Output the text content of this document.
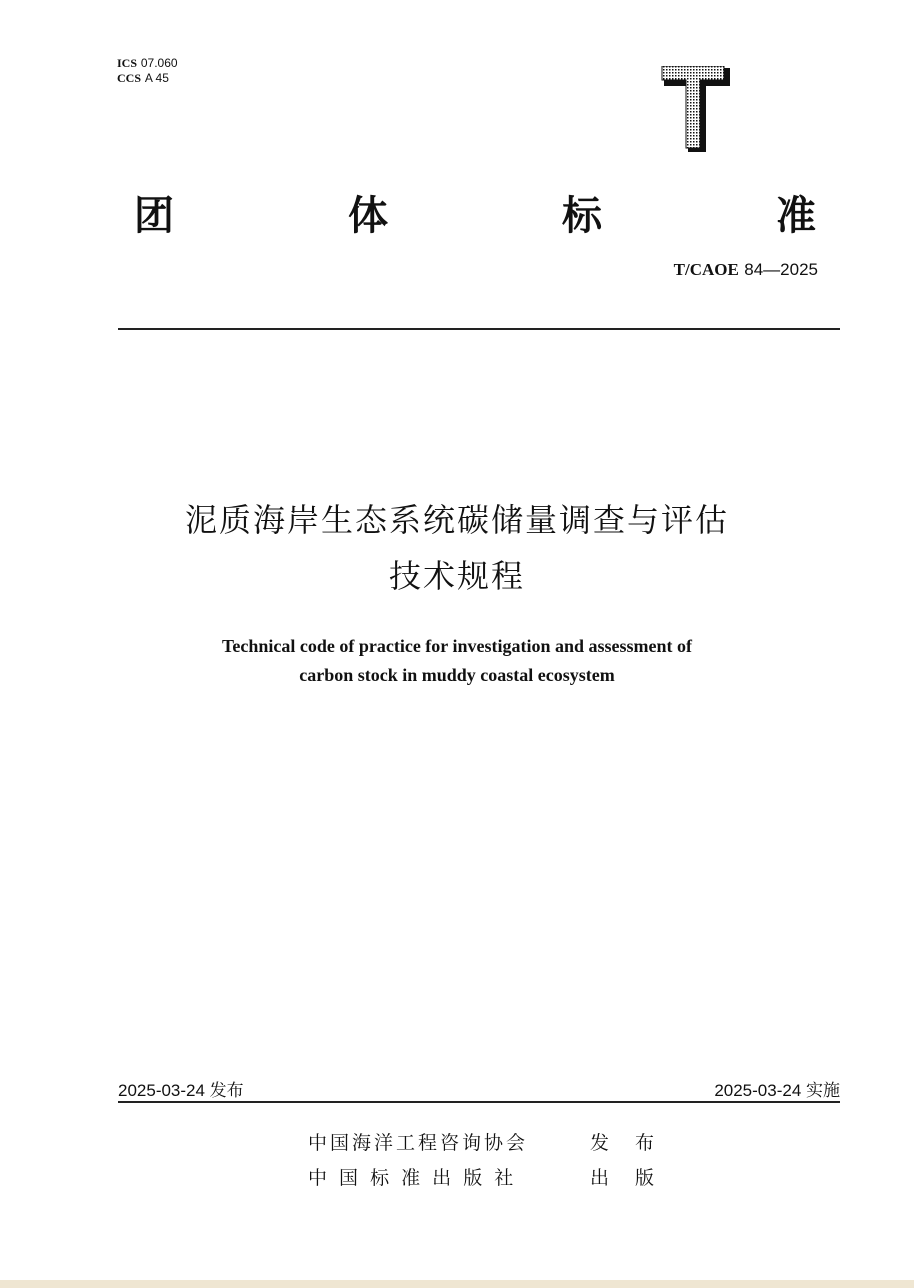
ICS 07.060
CCS A 45
T
团	体	标	准
T/CAOE 84—2025
泥质海岸生态系统碳储量调查与评估
技术规程
Technical code of practice for investigation and assessment of
carbon stock in muddy coastal ecosystem
2025-03-24 发布	2025-03-24 实施
中国海洋工程咨询协会	发 布
中 国 标 准 出 版 社	出 版
